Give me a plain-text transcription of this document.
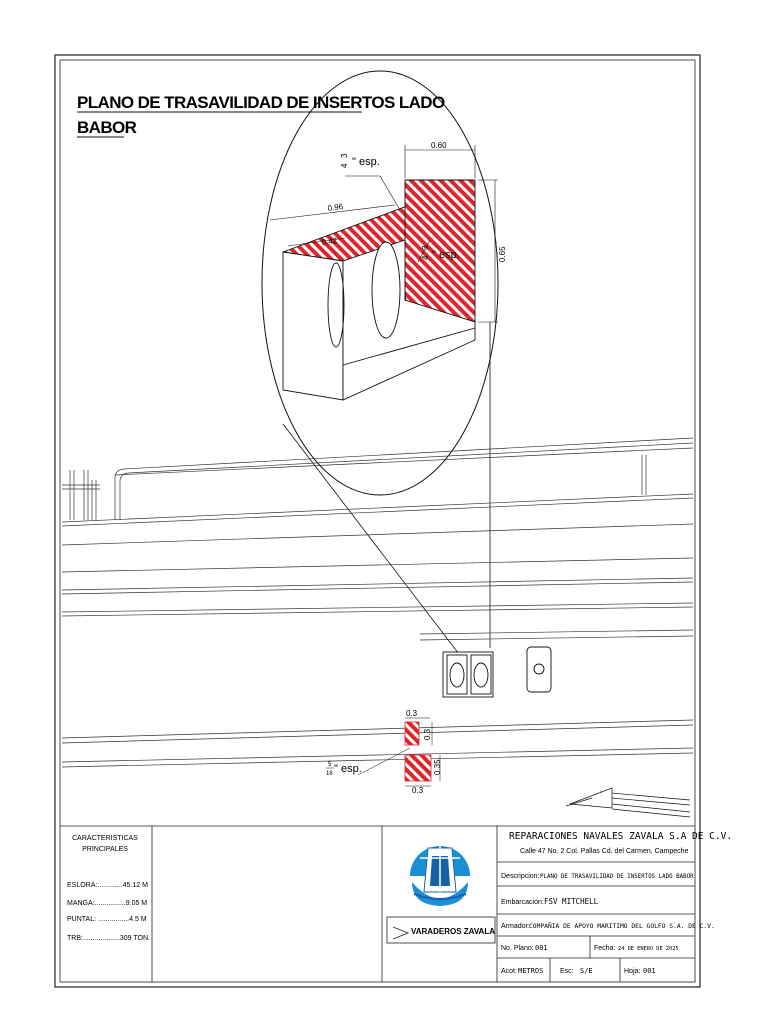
PLANO DE TRASAVILIDAD DE INSERTOS LADO
BABOR
0.60
0.96
0.42
0.65
3
4 " esp.
3
4 " esp.
0.3
0.3
0.35
0.3
5
16 " esp.
CARACTERISTICAS
PRINCIPALES
ESLORA:.............45.12 M
MANGA:................9.05 M
PUNTAL: ................4.5 M
TRB:...................309 TON.
VARADEROS ZAVALA
REPARACIONES NAVALES ZAVALA S.A DE C.V.
Calle 47 No. 2 Col. Pallas Cd. del Carmen, Campeche
Descripcion: PLANO DE TRASAVILIDAD DE INSERTOS LADO BABOR
Embarcacion: FSV MITCHELL
Armador: COMPAÑIA DE APOYO MARITIMO DEL GOLFO S.A. DE C.V.
No. Plano: 001	Fecha: 24 DE ENERO DE 2025
Acot: METROS Esc: S/E	Hoja: 001
